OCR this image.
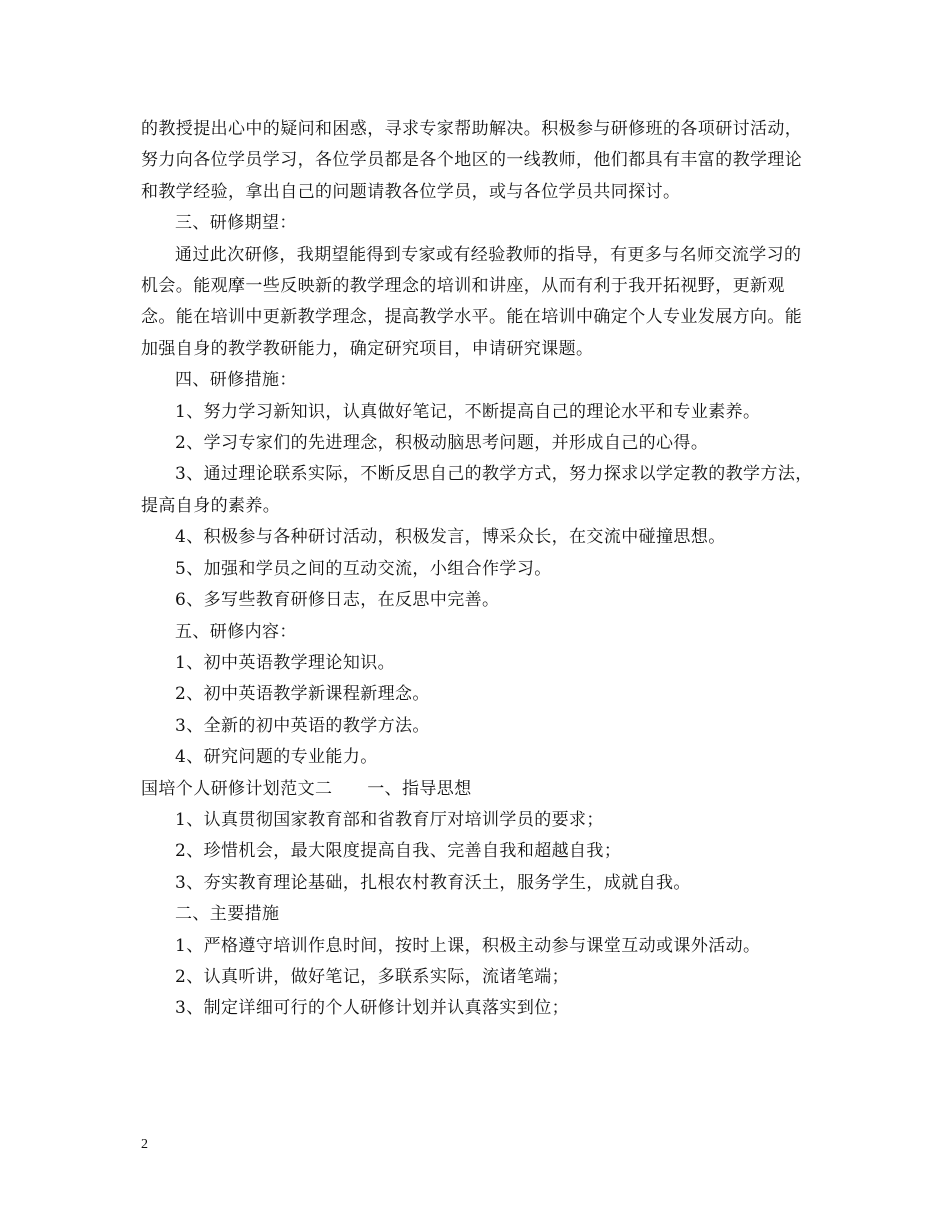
的教授提出心中的疑问和困惑，寻求专家帮助解决。积极参与研修班的各项研讨活动，努力向各位学员学习，各位学员都是各个地区的一线教师，他们都具有丰富的教学理论和教学经验，拿出自己的问题请教各位学员，或与各位学员共同探讨。

三、研修期望：

通过此次研修，我期望能得到专家或有经验教师的指导，有更多与名师交流学习的机会。能观摩一些反映新的教学理念的培训和讲座，从而有利于我开拓视野，更新观念。能在培训中更新教学理念，提高教学水平。能在培训中确定个人专业发展方向。能加强自身的教学教研能力，确定研究项目，申请研究课题。

四、研修措施：

1、努力学习新知识，认真做好笔记，不断提高自己的理论水平和专业素养。

2、学习专家们的先进理念，积极动脑思考问题，并形成自己的心得。

3、通过理论联系实际，不断反思自己的教学方式，努力探求以学定教的教学方法，提高自身的素养。

4、积极参与各种研讨活动，积极发言，博采众长，在交流中碰撞思想。

5、加强和学员之间的互动交流，小组合作学习。

6、多写些教育研修日志，在反思中完善。

五、研修内容：

1、初中英语教学理论知识。

2、初中英语教学新课程新理念。

3、全新的初中英语的教学方法。

4、研究问题的专业能力。

国培个人研修计划范文二　　一、指导思想

1、认真贯彻国家教育部和省教育厅对培训学员的要求；

2、珍惜机会，最大限度提高自我、完善自我和超越自我；

3、夯实教育理论基础，扎根农村教育沃土，服务学生，成就自我。

二、主要措施

1、严格遵守培训作息时间，按时上课，积极主动参与课堂互动或课外活动。

2、认真听讲，做好笔记，多联系实际，流诸笔端；

3、制定详细可行的个人研修计划并认真落实到位；

2
